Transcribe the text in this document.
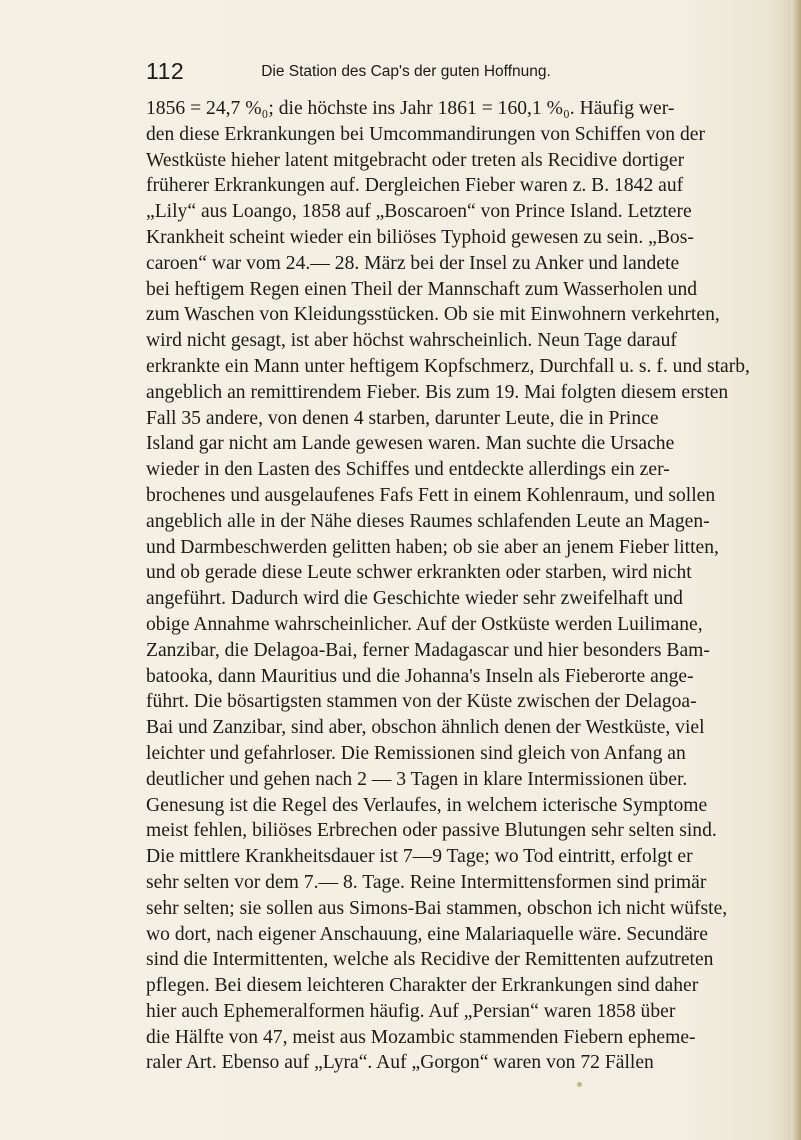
112	Die Station des Cap's der guten Hoffnung.
1856 = 24,7 %₀; die höchste ins Jahr 1861 = 160,1 %₀. Häufig wer-
den diese Erkrankungen bei Umcommandirungen von Schiffen von der
Westküste hieher latent mitgebracht oder treten als Recidive dortiger
früherer Erkrankungen auf. Dergleichen Fieber waren z. B. 1842 auf
„Lily“ aus Loango, 1858 auf „Boscaroen“ von Prince Island. Letztere
Krankheit scheint wieder ein biliöses Typhoid gewesen zu sein. „Bos-
caroen“ war vom 24.— 28. März bei der Insel zu Anker und landete
bei heftigem Regen einen Theil der Mannschaft zum Wasserholen und
zum Waschen von Kleidungsstücken. Ob sie mit Einwohnern verkehrten,
wird nicht gesagt, ist aber höchst wahrscheinlich. Neun Tage darauf
erkrankte ein Mann unter heftigem Kopfschmerz, Durchfall u. s. f. und starb,
angeblich an remittirendem Fieber. Bis zum 19. Mai folgten diesem ersten
Fall 35 andere, von denen 4 starben, darunter Leute, die in Prince
Island gar nicht am Lande gewesen waren. Man suchte die Ursache
wieder in den Lasten des Schiffes und entdeckte allerdings ein zer-
brochenes und ausgelaufenes Fafs Fett in einem Kohlenraum, und sollen
angeblich alle in der Nähe dieses Raumes schlafenden Leute an Magen-
und Darmbeschwerden gelitten haben; ob sie aber an jenem Fieber litten,
und ob gerade diese Leute schwer erkrankten oder starben, wird nicht
angeführt. Dadurch wird die Geschichte wieder sehr zweifelhaft und
obige Annahme wahrscheinlicher. Auf der Ostküste werden Luilimane,
Zanzibar, die Delagoa-Bai, ferner Madagascar und hier besonders Bam-
batooka, dann Mauritius und die Johanna's Inseln als Fieberorte ange-
führt. Die bösartigsten stammen von der Küste zwischen der Delagoa-
Bai und Zanzibar, sind aber, obschon ähnlich denen der Westküste, viel
leichter und gefahrloser. Die Remissionen sind gleich von Anfang an
deutlicher und gehen nach 2 — 3 Tagen in klare Intermissionen über.
Genesung ist die Regel des Verlaufes, in welchem icterische Symptome
meist fehlen, biliöses Erbrechen oder passive Blutungen sehr selten sind.
Die mittlere Krankheitsdauer ist 7—9 Tage; wo Tod eintritt, erfolgt er
sehr selten vor dem 7.— 8. Tage. Reine Intermittensformen sind primär
sehr selten; sie sollen aus Simons-Bai stammen, obschon ich nicht wüfste,
wo dort, nach eigener Anschauung, eine Malariaquelle wäre. Secundäre
sind die Intermittenten, welche als Recidive der Remittenten aufzutreten
pflegen. Bei diesem leichteren Charakter der Erkrankungen sind daher
hier auch Ephemeralformen häufig. Auf „Persian“ waren 1858 über
die Hälfte von 47, meist aus Mozambic stammenden Fiebern epheme-
raler Art. Ebenso auf „Lyra“. Auf „Gorgon“ waren von 72 Fällen
